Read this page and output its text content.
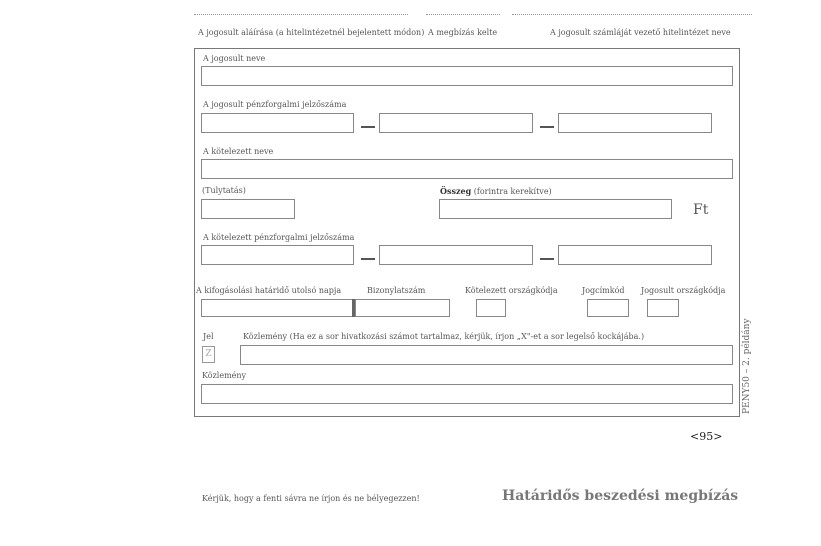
A jogosult aláírása (a hitelintézetnél bejelentett módon) A megbízás kelte	A jogosult számláját vezető hitelintézet neve
A jogosult neve
A jogosult pénzforgalmi jelzőszáma
A kötelezett neve
(Tulytatás)	Összeg (forintra kerekítve)
Ft
A kötelezett pénzforgalmi jelzőszáma
A kifogásolási határidő utolsó napja	Bizonylatszám	Kötelezett országkódja	Jogcímkód Jogosult országkódja
Jel	Közlemény (Ha ez a sor hivatkozási számot tartalmaz, kérjük, írjon „X"-et a sor legelső kockájába.)
Z
Közlemény	PENY50 – 2. példány
<95>
Kérjük, hogy a fenti sávra ne írjon és ne bélyegezzen!	Határidős beszedési megbízás
